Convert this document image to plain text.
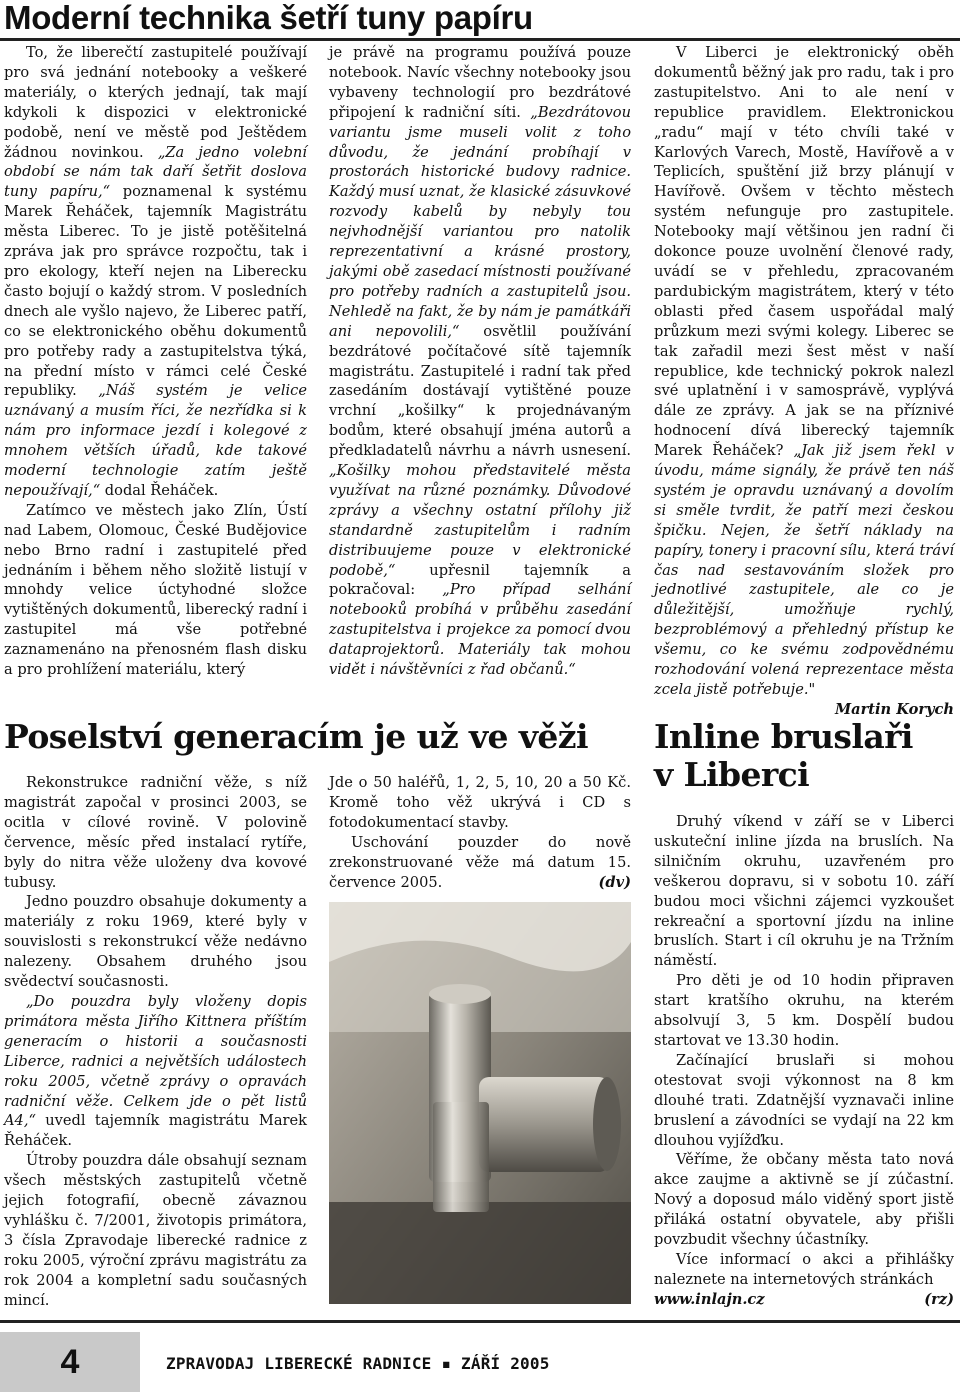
Moderní technika šetří tuny papíru

To, že liberečtí zastupitelé používají pro svá jednání notebooky a veškeré materiály, o kterých jednají, tak mají kdykoli k dispozici v elektronické podobě, není ve městě pod Ještědem žádnou novinkou. „Za jedno volební období se nám tak daří šetřit doslova tuny papíru,“ poznamenal k systému Marek Řeháček, tajemník Magistrátu města Liberec. To je jistě potěšitelná zpráva jak pro správce rozpočtu, tak i pro ekology, kteří nejen na Liberecku často bojují o každý strom. V posledních dnech ale vyšlo najevo, že Liberec patří, co se elektronického oběhu dokumentů pro potřeby rady a zastupitelstva týká, na přední místo v rámci celé České republiky. „Náš systém je velice uznávaný a musím říci, že nezřídka si k nám pro informace jezdí i kolegové z mnohem větších úřadů, kde takové moderní technologie zatím ještě nepoužívají,“ dodal Řeháček.

Zatímco ve městech jako Zlín, Ústí nad Labem, Olomouc, České Budějovice nebo Brno radní i zastupitelé před jednáním i během něho složitě listují v mnohdy velice úctyhodné složce vytištěných dokumentů, liberecký radní i zastupitel má vše potřebné zaznamenáno na přenosném flash disku a pro prohlížení materiálu, který

je právě na programu používá pouze notebook. Navíc všechny notebooky jsou vybaveny technologií pro bezdrátové připojení k radniční síti. „Bezdrátovou variantu jsme museli volit z toho důvodu, že jednání probíhají v prostorách historické budovy radnice. Každý musí uznat, že klasické zásuvkové rozvody kabelů by nebyly tou nejvhodnější variantou pro natolik reprezentativní a krásné prostory, jakými obě zasedací místnosti používané pro potřeby radních a zastupitelů jsou. Nehledě na fakt, že by nám je památkáři ani nepovolili,“ osvětlil používání bezdrátové počítačové sítě tajemník magistrátu. Zastupitelé i radní tak před zasedáním dostávají vytištěné pouze vrchní „košilky“ k projednávaným bodům, které obsahují jména autorů a předkladatelů návrhu a návrh usnesení. „Košilky mohou představitelé města využívat na různé poznámky. Důvodové zprávy a všechny ostatní přílohy již standardně zastupitelům i radním distribuujeme pouze v elektronické podobě,“ upřesnil tajemník a pokračoval: „Pro případ selhání notebooků probíhá v průběhu zasedání zastupitelstva i projekce za pomocí dvou dataprojektorů. Materiály tak mohou vidět i návštěvníci z řad občanů.“

V Liberci je elektronický oběh dokumentů běžný jak pro radu, tak i pro zastupitelstvo. Ani to ale není v republice pravidlem. Elektronickou „radu“ mají v této chvíli také v Karlových Varech, Mostě, Havířově a v Teplicích, spuštění již brzy plánují v Havířově. Ovšem v těchto městech systém nefunguje pro zastupitele. Notebooky mají většinou jen radní či dokonce pouze uvolnění členové rady, uvádí se v přehledu, zpracovaném pardubickým magistrátem, který v této oblasti před časem uspořádal malý průzkum mezi svými kolegy. Liberec se tak zařadil mezi šest měst v naší republice, kde technický pokrok nalezl své uplatnění i v samosprávě, vyplývá dále ze zprávy. A jak se na příznivé hodnocení dívá liberecký tajemník Marek Řeháček? „Jak již jsem řekl v úvodu, máme signály, že právě ten náš systém je opravdu uznávaný a dovolím si směle tvrdit, že patří mezi českou špičku. Nejen, že šetří náklady na papíry, tonery i pracovní sílu, která tráví čas nad sestavováním složek pro jednotlivé zastupitele, ale co je důležitější, umožňuje rychlý, bezproblémový a přehledný přístup ke všemu, co ke svému zodpovědnému rozhodování volená reprezentace města zcela jistě potřebuje."

Martin Korych

Poselství generacím je už ve věži

Rekonstrukce radniční věže, s níž magistrát započal v prosinci 2003, se ocitla v cílové rovině. V polovině července, měsíc před instalací rytíře, byly do nitra věže uloženy dva kovové tubusy.

Jedno pouzdro obsahuje dokumenty a materiály z roku 1969, které byly v souvislosti s rekonstrukcí věže nedávno nalezeny. Obsahem druhého jsou svědectví současnosti.

„Do pouzdra byly vloženy dopis primátora města Jiřího Kittnera příštím generacím o historii a současnosti Liberce, radnici a největších událostech roku 2005, včetně zprávy o opravách radniční věže. Celkem jde o pět listů A4,“ uvedl tajemník magistrátu Marek Řeháček.

Útroby pouzdra dále obsahují seznam všech městských zastupitelů včetně jejich fotografií, obecně závaznou vyhlášku č. 7/2001, životopis primátora, 3 čísla Zpravodaje liberecké radnice z roku 2005, výroční zprávu magistrátu za rok 2004 a kompletní sadu současných mincí.

Jde o 50 haléřů, 1, 2, 5, 10, 20 a 50 Kč. Kromě toho věž ukrývá i CD s fotodokumentací stavby.

Uschování pouzder do nově zrekonstruované věže má datum 15. července 2005.	(dv)

Inline bruslaři
v Liberci

Druhý víkend v září se v Liberci uskuteční inline jízda na bruslích. Na silničním okruhu, uzavřeném pro veškerou dopravu, si v sobotu 10. září budou moci všichni zájemci vyzkoušet rekreační a sportovní jízdu na inline bruslích. Start i cíl okruhu je na Tržním náměstí.

Pro děti je od 10 hodin připraven start kratšího okruhu, na kterém absolvují 3, 5 km. Dospělí budou startovat ve 13.30 hodin.

Začínající bruslaři si mohou otestovat svoji výkonnost na 8 km dlouhé trati. Zdatnější vyznavači inline bruslení a závodníci se vydají na 22 km dlouhou vyjížďku.

Věříme, že občany města tato nová akce zaujme a aktivně se jí zúčastní. Nový a doposud málo viděný sport jistě přiláká ostatní obyvatele, aby přišli povzbudit všechny účastníky.

Více informací o akci a přihlášky naleznete na internetových stránkách

www.inlajn.cz	(rz)

4	ZPRAVODAJ LIBERECKÉ RADNICE ▪ ZÁŘÍ 2005
